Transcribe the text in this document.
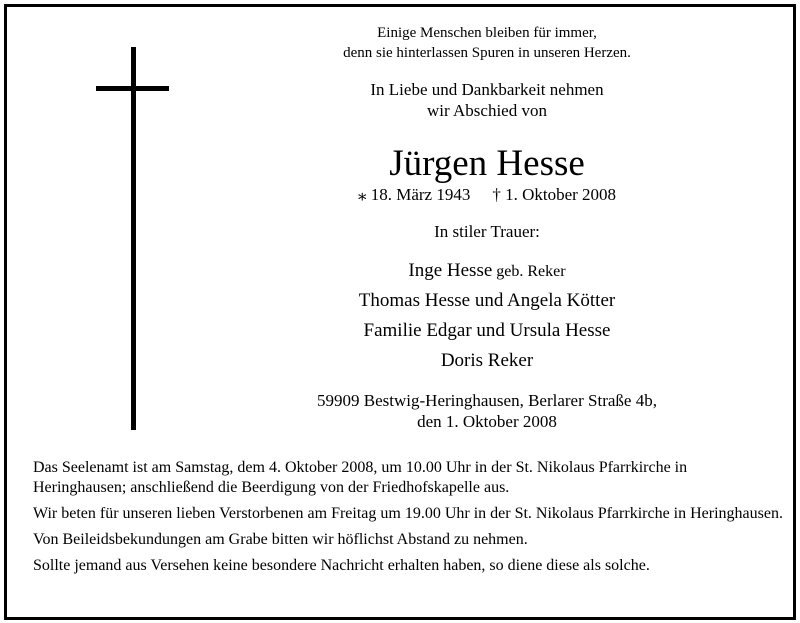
Einige Menschen bleiben für immer,
denn sie hinterlassen Spuren in unseren Herzen.
In Liebe und Dankbarkeit nehmen
wir Abschied von
Jürgen Hesse
⁎ 18. März 1943 † 1. Oktober 2008
In stiler Trauer:
Inge Hesse geb. Reker
Thomas Hesse und Angela Kötter
Familie Edgar und Ursula Hesse
Doris Reker
59909 Bestwig-Heringhausen, Berlarer Straße 4b,
den 1. Oktober 2008

Das Seelenamt ist am Samstag, dem 4. Oktober 2008, um 10.00 Uhr in der St. Nikolaus Pfarrkirche in Heringhausen; anschließend die Beerdigung von der Friedhofskapelle aus.

Wir beten für unseren lieben Verstorbenen am Freitag um 19.00 Uhr in der St. Nikolaus Pfarrkirche in Heringhausen.

Von Beileidsbekundungen am Grabe bitten wir höflichst Abstand zu nehmen.

Sollte jemand aus Versehen keine besondere Nachricht erhalten haben, so diene diese als solche.
